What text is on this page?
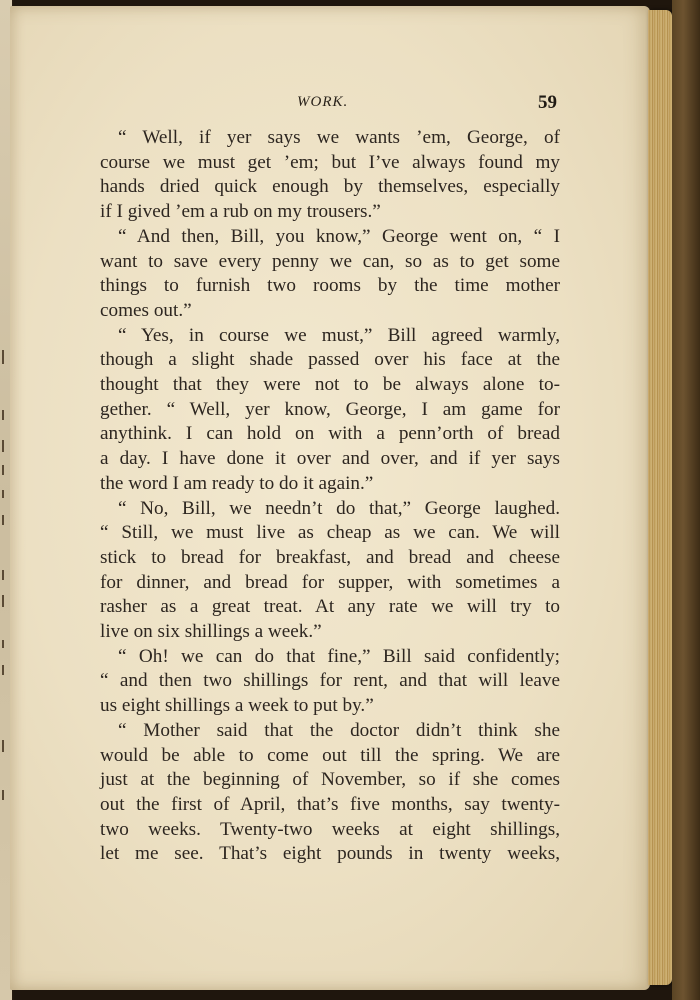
WORK.	59
“ Well, if yer says we wants ’em, George, of
course we must get ’em; but I’ve always found my
hands dried quick enough by themselves, especially
if I gived ’em a rub on my trousers.”
“ And then, Bill, you know,” George went on, “ I
want to save every penny we can, so as to get some
things to furnish two rooms by the time mother
comes out.”
“ Yes, in course we must,” Bill agreed warmly,
though a slight shade passed over his face at the
thought that they were not to be always alone to-
gether. “ Well, yer know, George, I am game for
anythink. I can hold on with a penn’orth of bread
a day. I have done it over and over, and if yer says
the word I am ready to do it again.”
“ No, Bill, we needn’t do that,” George laughed.
“ Still, we must live as cheap as we can. We will
stick to bread for breakfast, and bread and cheese
for dinner, and bread for supper, with sometimes a
rasher as a great treat. At any rate we will try to
live on six shillings a week.”
“ Oh! we can do that fine,” Bill said confidently;
“ and then two shillings for rent, and that will leave
us eight shillings a week to put by.”
“ Mother said that the doctor didn’t think she
would be able to come out till the spring. We are
just at the beginning of November, so if she comes
out the first of April, that’s five months, say twenty-
two weeks. Twenty-two weeks at eight shillings,
let me see. That’s eight pounds in twenty weeks,
